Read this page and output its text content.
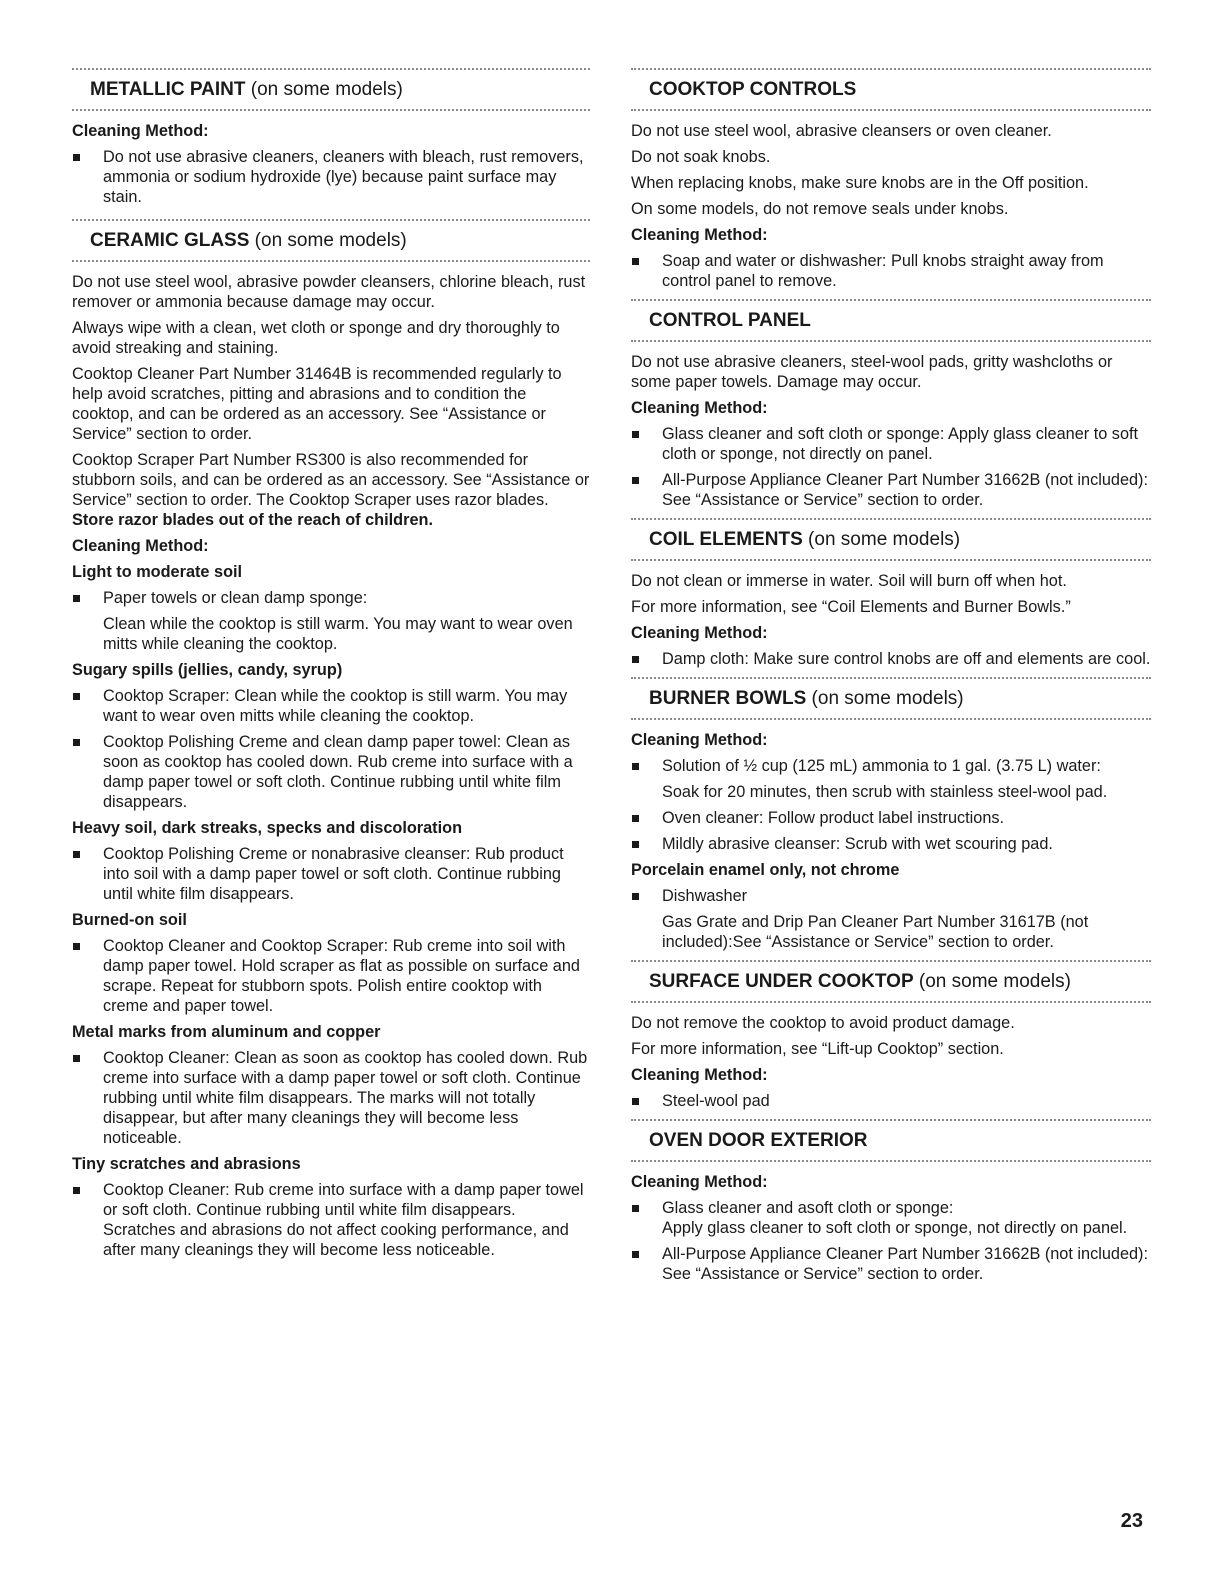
METALLIC PAINT (on some models)
Cleaning Method:
Do not use abrasive cleaners, cleaners with bleach, rust removers, ammonia or sodium hydroxide (lye) because paint surface may stain.
CERAMIC GLASS (on some models)

Do not use steel wool, abrasive powder cleansers, chlorine bleach, rust remover or ammonia because damage may occur.

Always wipe with a clean, wet cloth or sponge and dry thoroughly to avoid streaking and staining.

Cooktop Cleaner Part Number 31464B is recommended regularly to help avoid scratches, pitting and abrasions and to condition the cooktop, and can be ordered as an accessory. See “Assistance or Service” section to order.

Cooktop Scraper Part Number RS300 is also recommended for stubborn soils, and can be ordered as an accessory. See “Assistance or Service” section to order. The Cooktop Scraper uses razor blades. Store razor blades out of the reach of children.

Cleaning Method:
Light to moderate soil
Paper towels or clean damp sponge:

Clean while the cooktop is still warm. You may want to wear oven mitts while cleaning the cooktop.

Sugary spills (jellies, candy, syrup)
Cooktop Scraper: Clean while the cooktop is still warm. You may want to wear oven mitts while cleaning the cooktop.
Cooktop Polishing Creme and clean damp paper towel: Clean as soon as cooktop has cooled down. Rub creme into surface with a damp paper towel or soft cloth. Continue rubbing until white film disappears.
Heavy soil, dark streaks, specks and discoloration
Cooktop Polishing Creme or nonabrasive cleanser: Rub product into soil with a damp paper towel or soft cloth. Continue rubbing until white film disappears.
Burned-on soil
Cooktop Cleaner and Cooktop Scraper: Rub creme into soil with damp paper towel. Hold scraper as flat as possible on surface and scrape. Repeat for stubborn spots. Polish entire cooktop with creme and paper towel.
Metal marks from aluminum and copper
Cooktop Cleaner: Clean as soon as cooktop has cooled down. Rub creme into surface with a damp paper towel or soft cloth. Continue rubbing until white film disappears. The marks will not totally disappear, but after many cleanings they will become less noticeable.
Tiny scratches and abrasions
Cooktop Cleaner: Rub creme into surface with a damp paper towel or soft cloth. Continue rubbing until white film disappears. Scratches and abrasions do not affect cooking performance, and after many cleanings they will become less noticeable.
COOKTOP CONTROLS

Do not use steel wool, abrasive cleansers or oven cleaner.

Do not soak knobs.

When replacing knobs, make sure knobs are in the Off position.

On some models, do not remove seals under knobs.

Cleaning Method:
Soap and water or dishwasher: Pull knobs straight away from control panel to remove.
CONTROL PANEL

Do not use abrasive cleaners, steel-wool pads, gritty washcloths or some paper towels. Damage may occur.

Cleaning Method:
Glass cleaner and soft cloth or sponge: Apply glass cleaner to soft cloth or sponge, not directly on panel.
All-Purpose Appliance Cleaner Part Number 31662B (not included):
See “Assistance or Service” section to order.
COIL ELEMENTS (on some models)

Do not clean or immerse in water. Soil will burn off when hot.

For more information, see “Coil Elements and Burner Bowls.”

Cleaning Method:
Damp cloth: Make sure control knobs are off and elements are cool.
BURNER BOWLS (on some models)
Cleaning Method:
Solution of ½ cup (125 mL) ammonia to 1 gal. (3.75 L) water:

Soak for 20 minutes, then scrub with stainless steel-wool pad.

Oven cleaner: Follow product label instructions.
Mildly abrasive cleanser: Scrub with wet scouring pad.
Porcelain enamel only, not chrome
Dishwasher

Gas Grate and Drip Pan Cleaner Part Number 31617B (not included):See “Assistance or Service” section to order.

SURFACE UNDER COOKTOP (on some models)

Do not remove the cooktop to avoid product damage.

For more information, see “Lift-up Cooktop” section.

Cleaning Method:
Steel-wool pad
OVEN DOOR EXTERIOR
Cleaning Method:
Glass cleaner and asoft cloth or sponge:
Apply glass cleaner to soft cloth or sponge, not directly on panel.
All-Purpose Appliance Cleaner Part Number 31662B (not included):
See “Assistance or Service” section to order.
23
